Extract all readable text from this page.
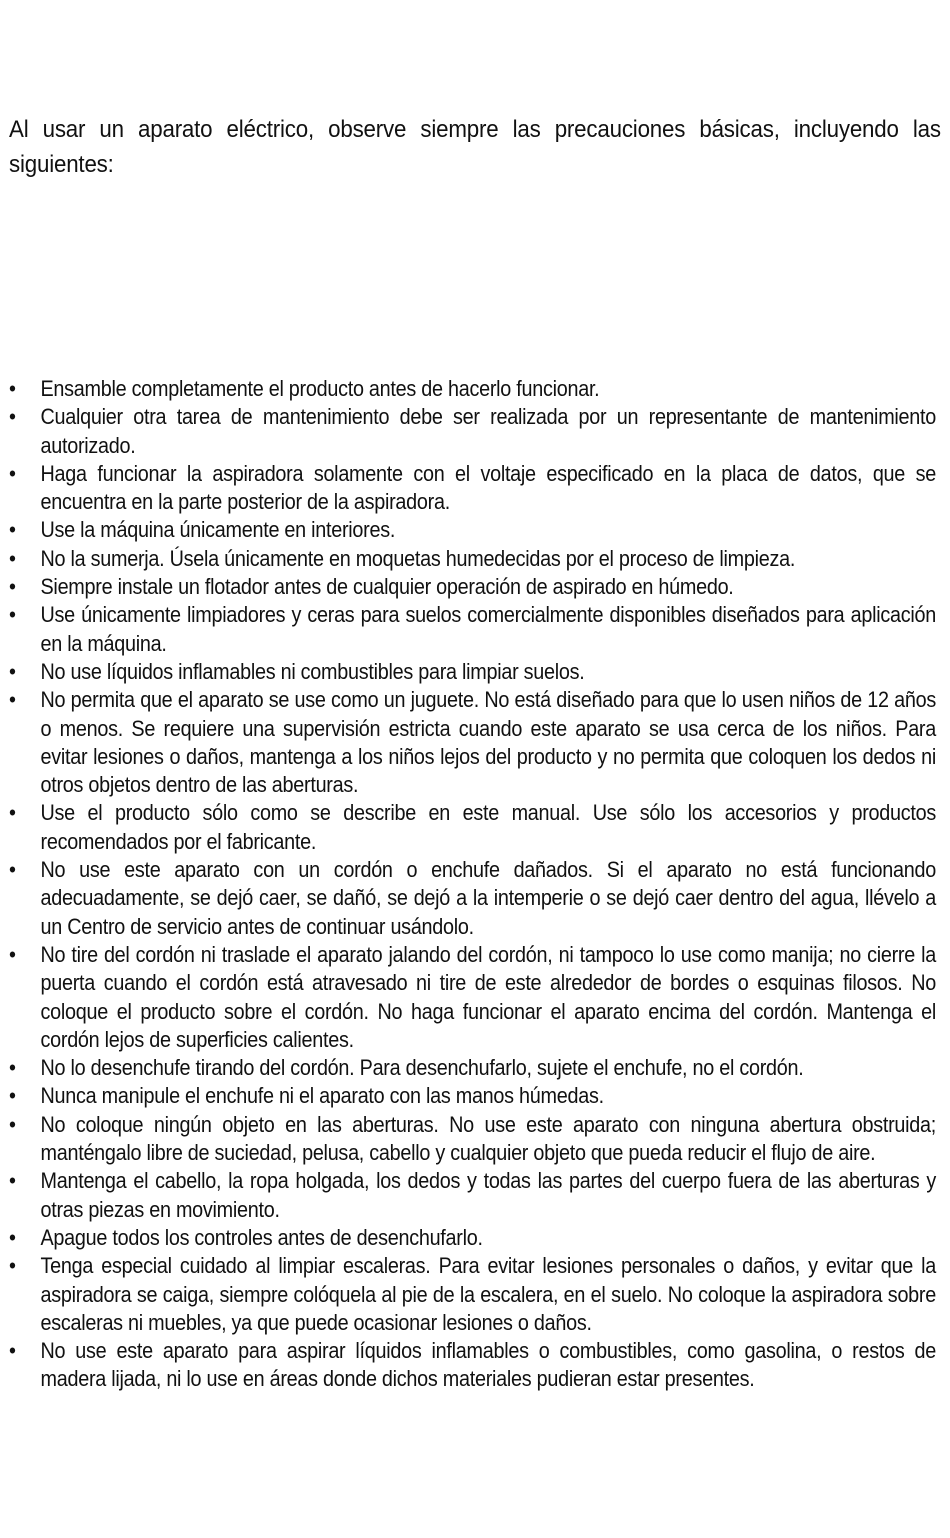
Al usar un aparato eléctrico, observe siempre las precauciones básicas, incluyendo las siguientes:

• Ensamble completamente el producto antes de hacerlo funcionar.
• Cualquier otra tarea de mantenimiento debe ser realizada por un representante de mantenimiento autorizado.
• Haga funcionar la aspiradora solamente con el voltaje especificado en la placa de datos, que se encuentra en la parte posterior de la aspiradora.
• Use la máquina únicamente en interiores.
• No la sumerja. Úsela únicamente en moquetas humedecidas por el proceso de limpieza.
• Siempre instale un flotador antes de cualquier operación de aspirado en húmedo.
• Use únicamente limpiadores y ceras para suelos comercialmente disponibles diseñados para aplicación en la máquina.
• No use líquidos inflamables ni combustibles para limpiar suelos.
• No permita que el aparato se use como un juguete. No está diseñado para que lo usen niños de 12 años o menos. Se requiere una supervisión estricta cuando este aparato se usa cerca de los niños. Para evitar lesiones o daños, mantenga a los niños lejos del producto y no permita que coloquen los dedos ni otros objetos dentro de las aberturas.
• Use el producto sólo como se describe en este manual. Use sólo los accesorios y productos recomendados por el fabricante.
• No use este aparato con un cordón o enchufe dañados. Si el aparato no está funcionando adecuadamente, se dejó caer, se dañó, se dejó a la intemperie o se dejó caer dentro del agua, llévelo a un Centro de servicio antes de continuar usándolo.
• No tire del cordón ni traslade el aparato jalando del cordón, ni tampoco lo use como manija; no cierre la puerta cuando el cordón está atravesado ni tire de este alrededor de bordes o esquinas filosos. No coloque el producto sobre el cordón. No haga funcionar el aparato encima del cordón. Mantenga el cordón lejos de superficies calientes.
• No lo desenchufe tirando del cordón. Para desenchufarlo, sujete el enchufe, no el cordón.
• Nunca manipule el enchufe ni el aparato con las manos húmedas.
• No coloque ningún objeto en las aberturas. No use este aparato con ninguna abertura obstruida; manténgalo libre de suciedad, pelusa, cabello y cualquier objeto que pueda reducir el flujo de aire.
• Mantenga el cabello, la ropa holgada, los dedos y todas las partes del cuerpo fuera de las aberturas y otras piezas en movimiento.
• Apague todos los controles antes de desenchufarlo.
• Tenga especial cuidado al limpiar escaleras. Para evitar lesiones personales o daños, y evitar que la aspiradora se caiga, siempre colóquela al pie de la escalera, en el suelo. No coloque la aspiradora sobre escaleras ni muebles, ya que puede ocasionar lesiones o daños.
• No use este aparato para aspirar líquidos inflamables o combustibles, como gasolina, o restos de madera lijada, ni lo use en áreas donde dichos materiales pudieran estar presentes.
